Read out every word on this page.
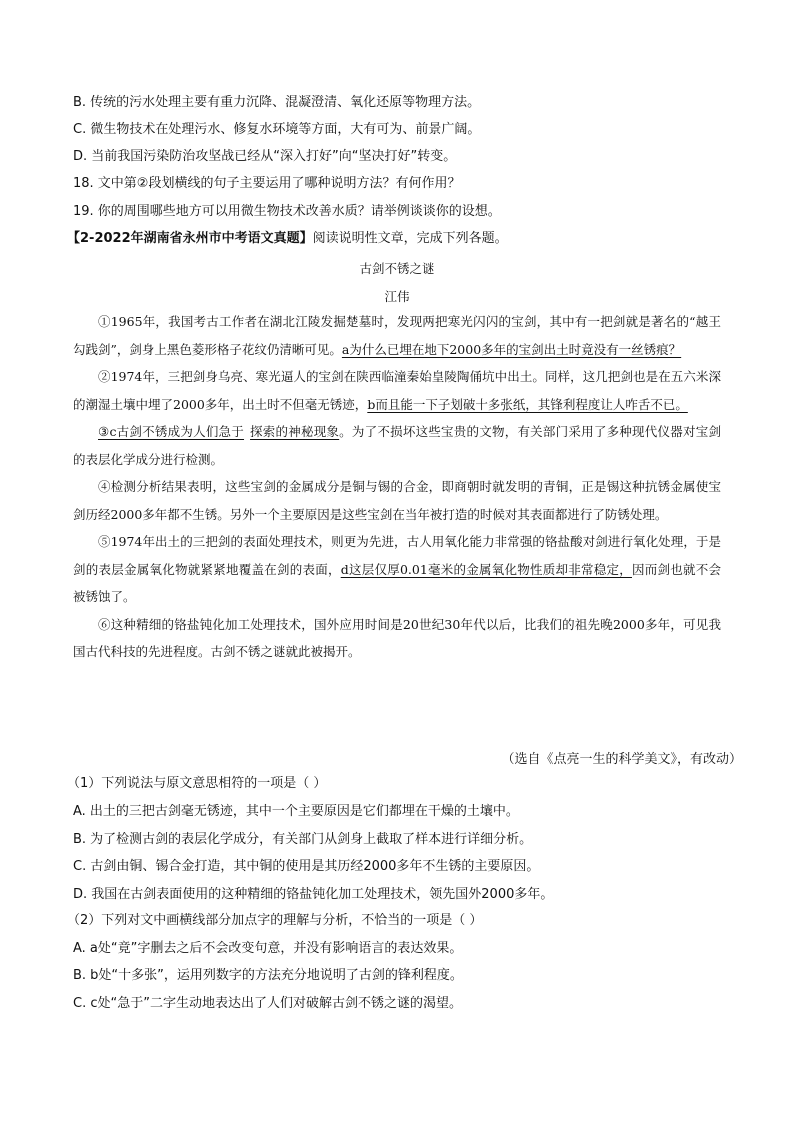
B. 传统的污水处理主要有重力沉降、混凝澄清、氧化还原等物理方法。
C. 微生物技术在处理污水、修复水环境等方面，大有可为、前景广阔。
D. 当前我国污染防治攻坚战已经从“深入打好”向“坚决打好”转变。
18. 文中第②段划横线的句子主要运用了哪种说明方法？有何作用？
19. 你的周围哪些地方可以用微生物技术改善水质？请举例谈谈你的设想。
【2-2022年湖南省永州市中考语文真题】阅读说明性文章，完成下列各题。
古剑不锈之谜
江伟

①1965年，我国考古工作者在湖北江陵发掘楚墓时，发现两把寒光闪闪的宝剑，其中有一把剑就是著名的“越王勾践剑”，剑身上黑色菱形格子花纹仍清晰可见。a为什么已埋在地下2000多年的宝剑出土时竟没有一丝锈痕？

②1974年，三把剑身乌亮、寒光逼人的宝剑在陕西临潼秦始皇陵陶俑坑中出土。同样，这几把剑也是在五六米深的潮湿土壤中埋了2000多年，出土时不但毫无锈迹，b而且能一下子划破十多张纸，其锋利程度让人咋舌不已。

③c古剑不锈成为人们急于 探索的神秘现象。为了不损坏这些宝贵的文物，有关部门采用了多种现代仪器对宝剑的表层化学成分进行检测。

④检测分析结果表明，这些宝剑的金属成分是铜与锡的合金，即商朝时就发明的青铜，正是锡这种抗锈金属使宝剑历经2000多年都不生锈。另外一个主要原因是这些宝剑在当年被打造的时候对其表面都进行了防锈处理。

⑤1974年出土的三把剑的表面处理技术，则更为先进，古人用氧化能力非常强的铬盐酸对剑进行氧化处理，于是剑的表层金属氧化物就紧紧地覆盖在剑的表面，d这层仅厚0.01毫米的金属氧化物性质却非常稳定，因而剑也就不会被锈蚀了。

⑥这种精细的铬盐钝化加工处理技术，国外应用时间是20世纪30年代以后，比我们的祖先晚2000多年，可见我国古代科技的先进程度。古剑不锈之谜就此被揭开。

（选自《点亮一生的科学美文》，有改动）
（1）下列说法与原文意思相符的一项是（ ）
A. 出土的三把古剑毫无锈迹，其中一个主要原因是它们都埋在干燥的土壤中。
B. 为了检测古剑的表层化学成分，有关部门从剑身上截取了样本进行详细分析。
C. 古剑由铜、锡合金打造，其中铜的使用是其历经2000多年不生锈的主要原因。
D. 我国在古剑表面使用的这种精细的铬盐钝化加工处理技术，领先国外2000多年。
（2）下列对文中画横线部分加点字的理解与分析，不恰当的一项是（ ）
A. a处“竟”字删去之后不会改变句意，并没有影响语言的表达效果。
B. b处“十多张”，运用列数字的方法充分地说明了古剑的锋利程度。
C. c处“急于”二字生动地表达出了人们对破解古剑不锈之谜的渴望。
